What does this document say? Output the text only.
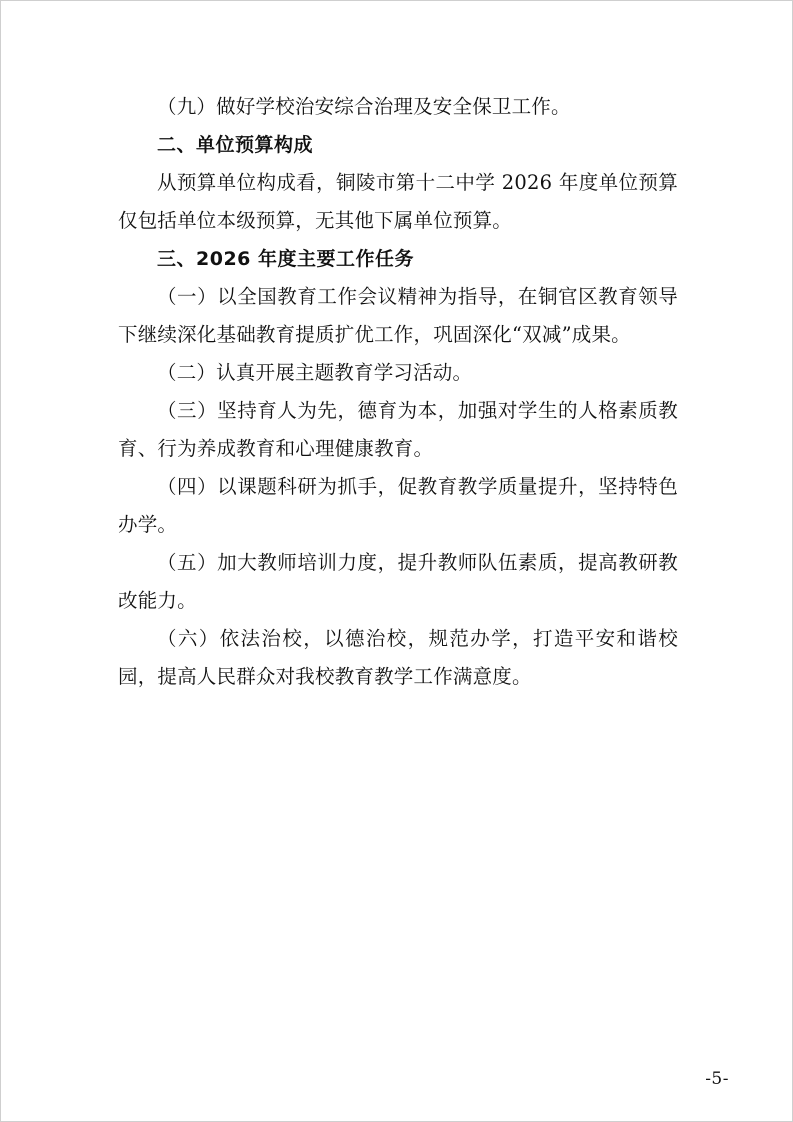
（九）做好学校治安综合治理及安全保卫工作。

二、单位预算构成

从预算单位构成看，铜陵市第十二中学 2026 年度单位预算仅包括单位本级预算，无其他下属单位预算。

三、2026 年度主要工作任务

（一）以全国教育工作会议精神为指导，在铜官区教育领导下继续深化基础教育提质扩优工作，巩固深化“双减”成果。

（二）认真开展主题教育学习活动。

（三）坚持育人为先，德育为本，加强对学生的人格素质教育、行为养成教育和心理健康教育。

（四）以课题科研为抓手，促教育教学质量提升，坚持特色办学。

（五）加大教师培训力度，提升教师队伍素质，提高教研教改能力。

（六）依法治校，以德治校，规范办学，打造平安和谐校园，提高人民群众对我校教育教学工作满意度。

-5-
